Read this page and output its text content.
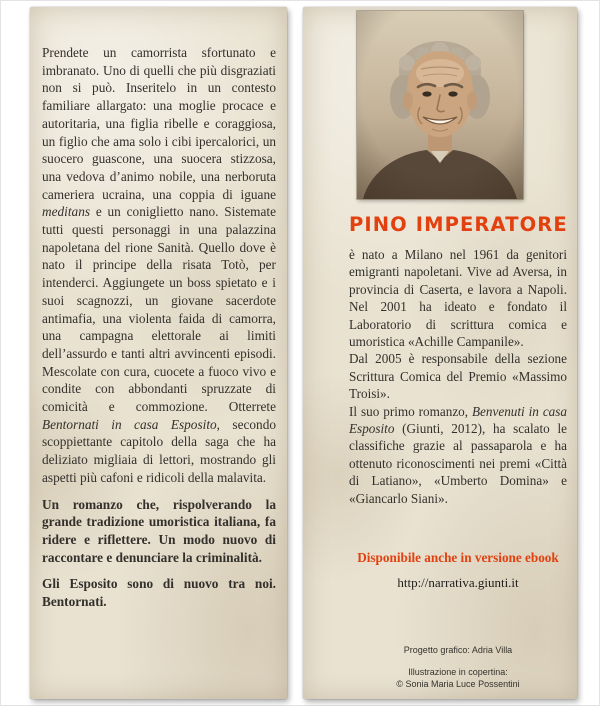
Prendete un camorrista sfortunato e imbranato. Uno di quelli che più disgraziati non si può. Inseritelo in un contesto familiare allargato: una moglie procace e autoritaria, una figlia ribelle e coraggiosa, un figlio che ama solo i cibi ipercalorici, un suocero guascone, una suocera stizzosa, una vedova d’animo nobile, una nerboruta cameriera ucraina, una coppia di iguane meditans e un coniglietto nano. Sistemate tutti questi personaggi in una palazzina napoletana del rione Sanità. Quello dove è nato il principe della risata Totò, per intenderci. Aggiungete un boss spietato e i suoi scagnozzi, un giovane sacerdote antimafia, una violenta faida di camorra, una campagna elettorale ai limiti dell’assurdo e tanti altri avvincenti episodi. Mescolate con cura, cuocete a fuoco vivo e condite con abbondanti spruzzate di comicità e commozione. Otterrete Bentornati in casa Esposito, secondo scoppiettante capitolo della saga che ha deliziato migliaia di lettori, mostrando gli aspetti più cafoni e ridicoli della malavita.

Un romanzo che, rispolverando la grande tradizione umoristica italiana, fa ridere e riflettere. Un modo nuovo di raccontare e denunciare la criminalità.

Gli Esposito sono di nuovo tra noi. Bentornati.

PINO IMPERATORE

è nato a Milano nel 1961 da genitori emigranti napoletani. Vive ad Aversa, in provincia di Caserta, e lavora a Napoli. Nel 2001 ha ideato e fondato il Laboratorio di scrittura comica e umoristica «Achille Campanile».

Dal 2005 è responsabile della sezione Scrittura Comica del Premio «Massimo Troisi».

Il suo primo romanzo, Benvenuti in casa Esposito (Giunti, 2012), ha scalato le classifiche grazie al passaparola e ha ottenuto riconoscimenti nei premi «Città di Latiano», «Umberto Domina» e «Giancarlo Siani».

Disponibile anche in versione ebook
http://narrativa.giunti.it
Progetto grafico: Adria Villa
Illustrazione in copertina:
© Sonia Maria Luce Possentini
